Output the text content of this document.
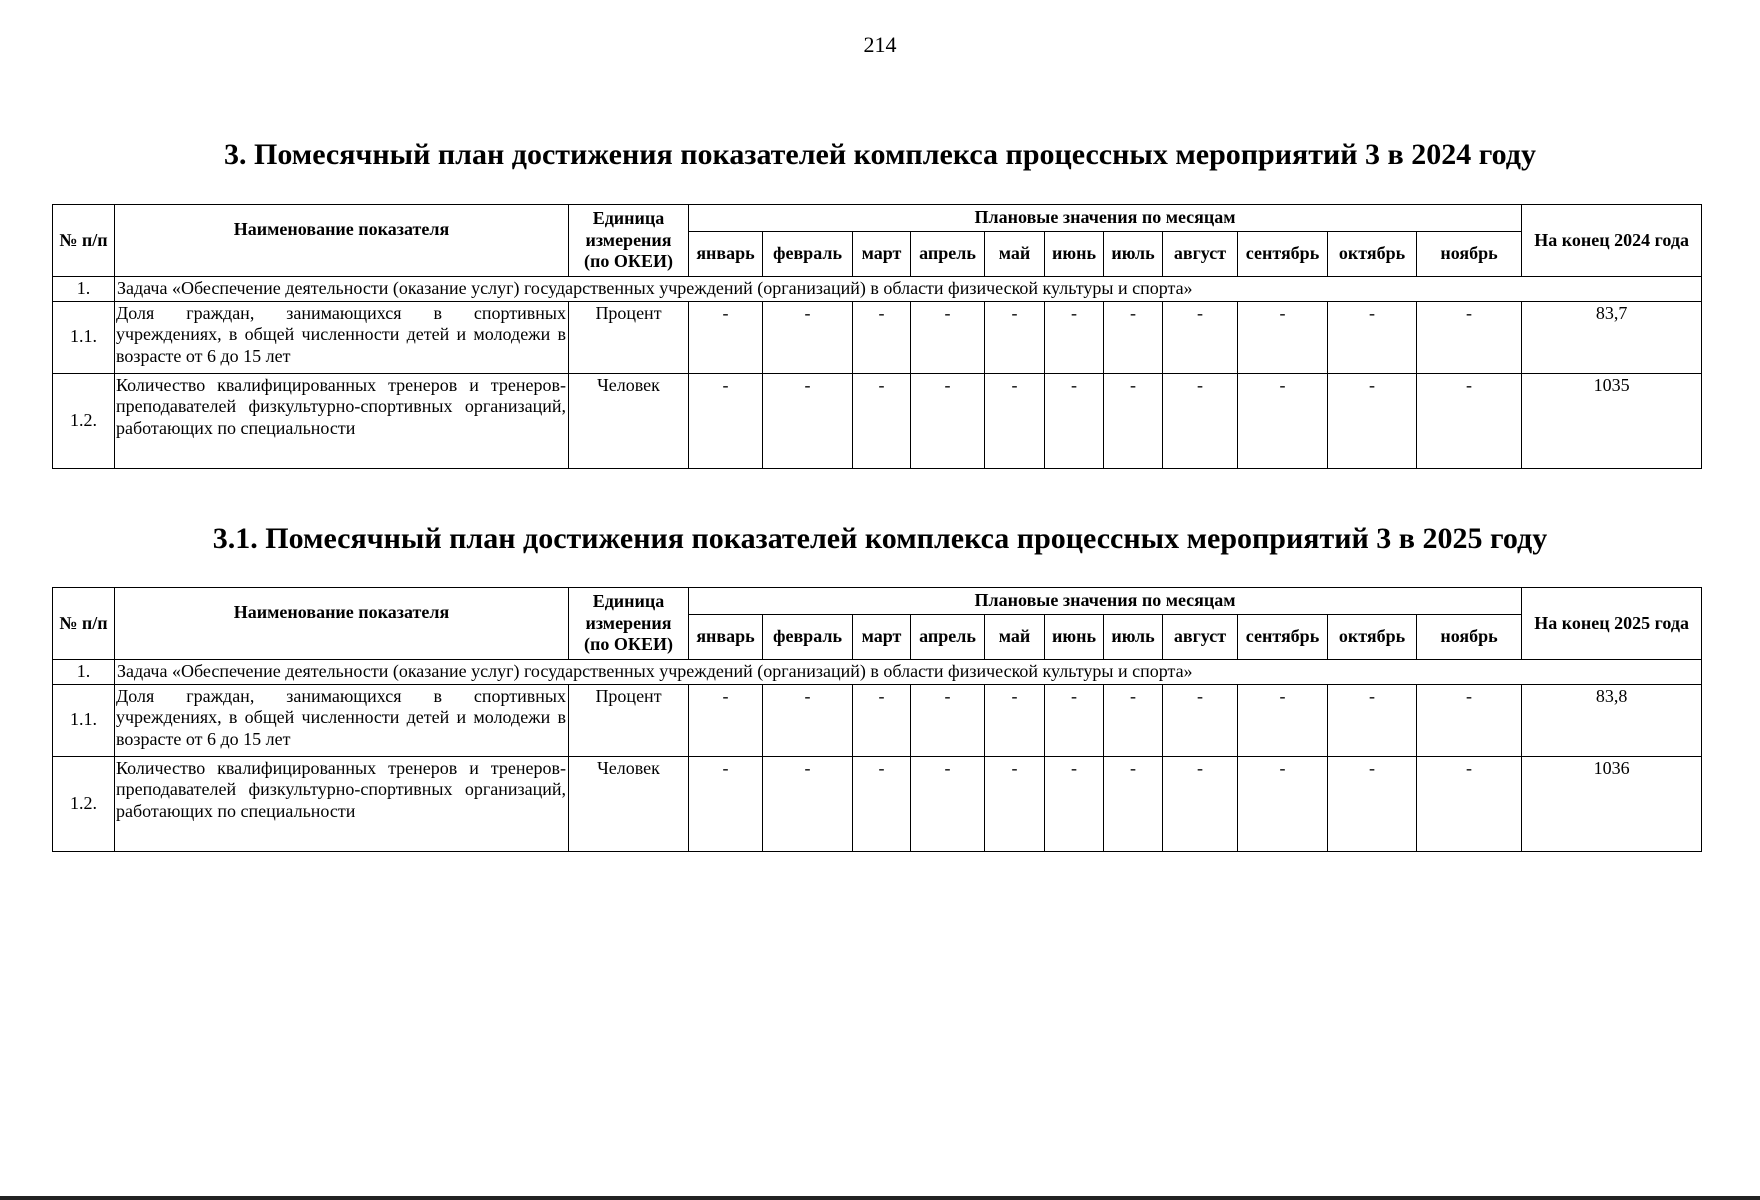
214
3. Помесячный план достижения показателей комплекса процессных мероприятий 3 в 2024 году
№ п/п	Наименование показателя	Единица измерения (по ОКЕИ)	Плановые значения по месяцам											На конец 2024 года
			январь	февраль	март	апрель	май	июнь	июль	август	сентябрь	октябрь	ноябрь	
1.	Задача «Обеспечение деятельности (оказание услуг) государственных учреждений (организаций) в области физической культуры и спорта»													
1.1.	Доля граждан, занимающихся в спортивных учреждениях, в общей численности детей и молодежи в возрасте от 6 до 15 лет	Процент	-	-	-	-	-	-	-	-	-	-	-	83,7
1.2.	Количество квалифицированных тренеров и тренеров-преподавателей физкультурно-спортивных организаций, работающих по специальности	Человек	-	-	-	-	-	-	-	-	-	-	-	1035
3.1. Помесячный план достижения показателей комплекса процессных мероприятий 3 в 2025 году
№ п/п	Наименование показателя	Единица измерения (по ОКЕИ)	Плановые значения по месяцам											На конец 2025 года
			январь	февраль	март	апрель	май	июнь	июль	август	сентябрь	октябрь	ноябрь	
1.	Задача «Обеспечение деятельности (оказание услуг) государственных учреждений (организаций) в области физической культуры и спорта»													
1.1.	Доля граждан, занимающихся в спортивных учреждениях, в общей численности детей и молодежи в возрасте от 6 до 15 лет	Процент	-	-	-	-	-	-	-	-	-	-	-	83,8
1.2.	Количество квалифицированных тренеров и тренеров-преподавателей физкультурно-спортивных организаций, работающих по специальности	Человек	-	-	-	-	-	-	-	-	-	-	-	1036
